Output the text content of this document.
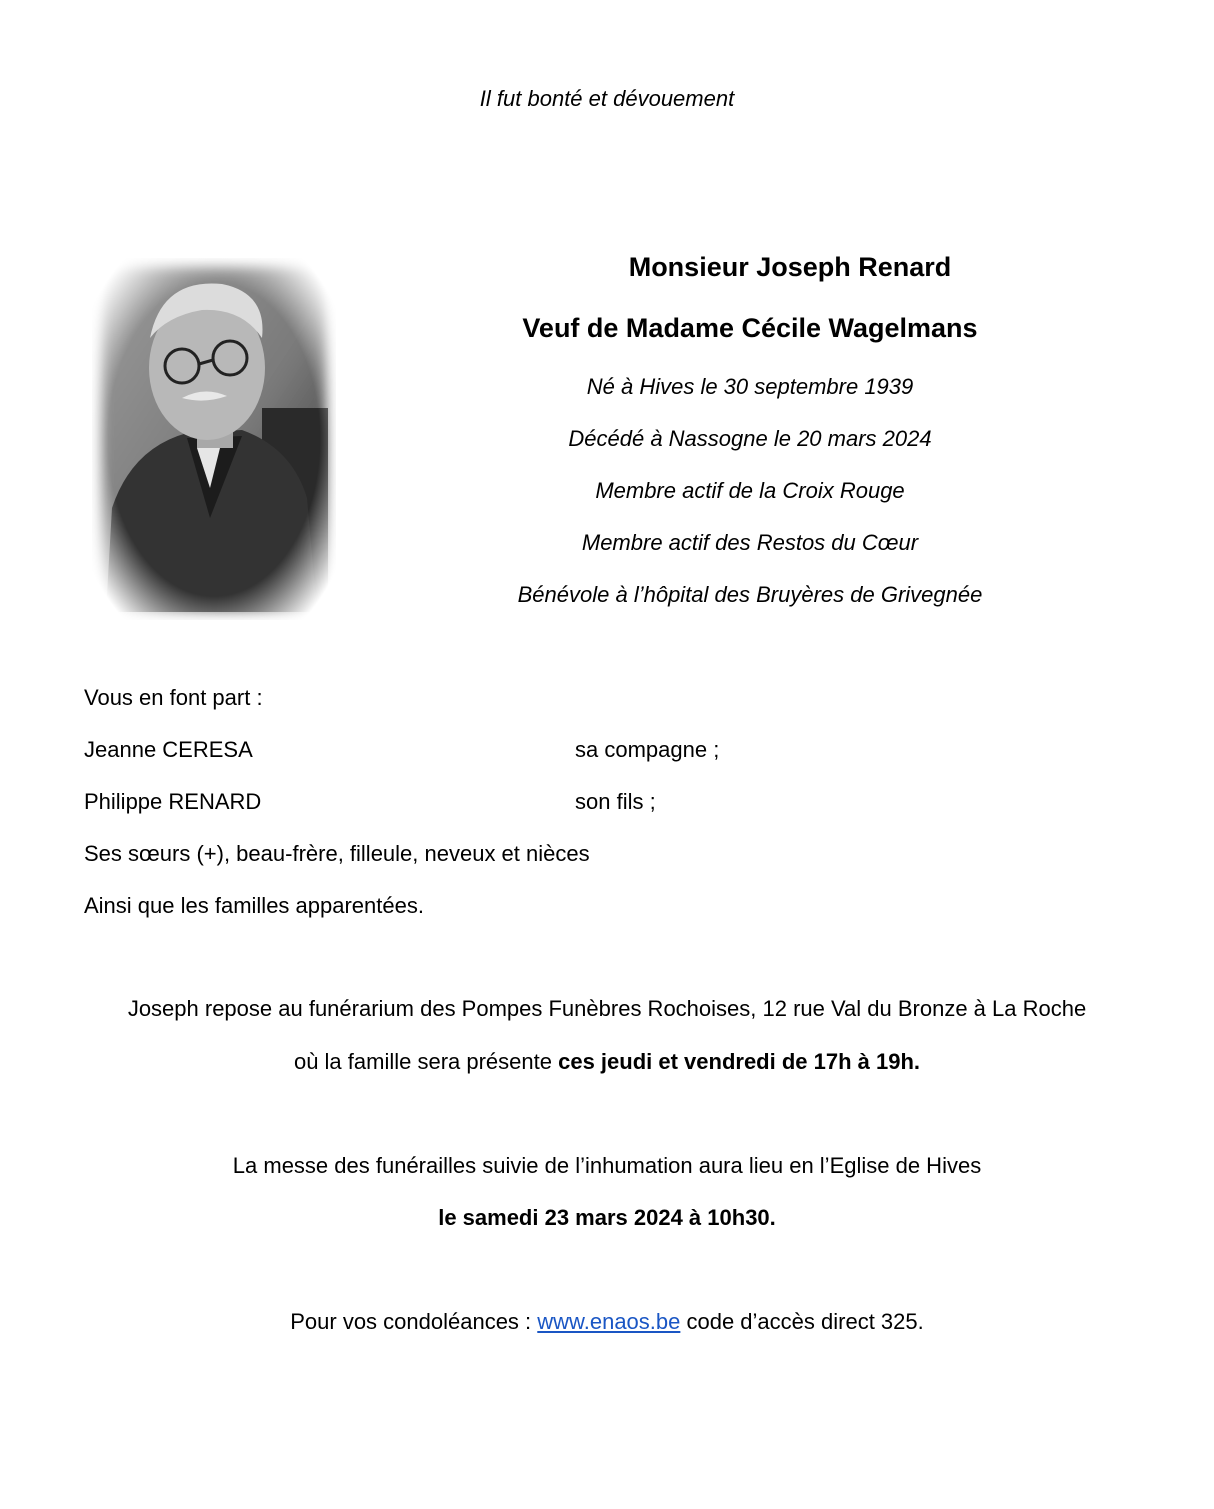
Il fut bonté et dévouement
Monsieur Joseph Renard
Veuf de Madame Cécile Wagelmans
Né à Hives le 30 septembre 1939
Décédé à Nassogne le 20 mars 2024
Membre actif de la Croix Rouge
Membre actif des Restos du Cœur
Bénévole à l’hôpital des Bruyères de Grivegnée
Vous en font part :
Jeanne CERESA	sa compagne ;
Philippe RENARD	son fils ;
Ses sœurs (+), beau-frère, filleule, neveux et nièces
Ainsi que les familles apparentées.
Joseph repose au funérarium des Pompes Funèbres Rochoises, 12 rue Val du Bronze à La Roche
où la famille sera présente ces jeudi et vendredi de 17h à 19h.
La messe des funérailles suivie de l’inhumation aura lieu en l’Eglise de Hives
le samedi 23 mars 2024 à 10h30.
Pour vos condoléances : www.enaos.be code d’accès direct 325.
